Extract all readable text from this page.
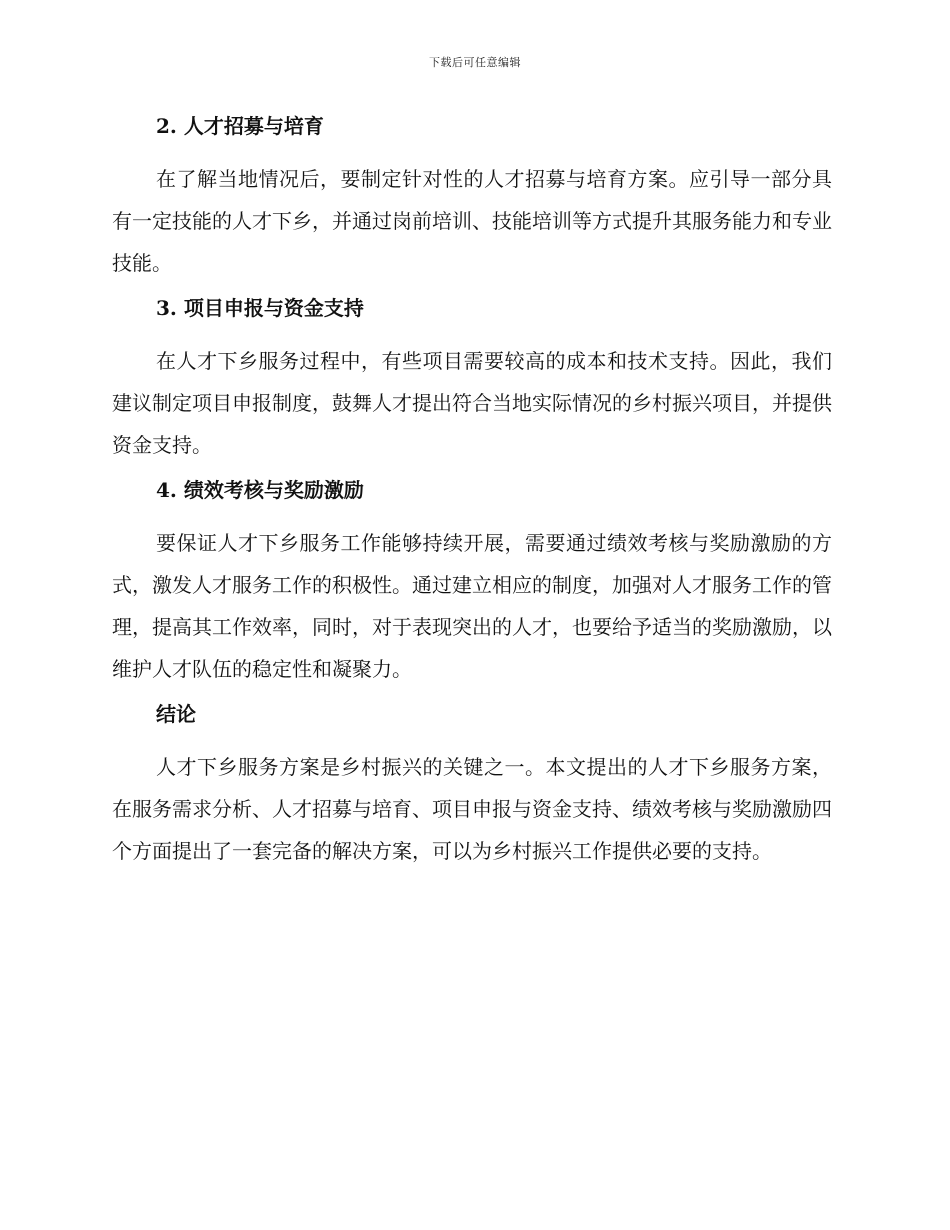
下载后可任意编辑
2. 人才招募与培育

在了解当地情况后，要制定针对性的人才招募与培育方案。应引导一部分具有一定技能的人才下乡，并通过岗前培训、技能培训等方式提升其服务能力和专业技能。

3. 项目申报与资金支持

在人才下乡服务过程中，有些项目需要较高的成本和技术支持。因此，我们建议制定项目申报制度，鼓舞人才提出符合当地实际情况的乡村振兴项目，并提供资金支持。

4. 绩效考核与奖励激励

要保证人才下乡服务工作能够持续开展，需要通过绩效考核与奖励激励的方式，激发人才服务工作的积极性。通过建立相应的制度，加强对人才服务工作的管理，提高其工作效率，同时，对于表现突出的人才，也要给予适当的奖励激励，以维护人才队伍的稳定性和凝聚力。

结论

人才下乡服务方案是乡村振兴的关键之一。本文提出的人才下乡服务方案，在服务需求分析、人才招募与培育、项目申报与资金支持、绩效考核与奖励激励四个方面提出了一套完备的解决方案，可以为乡村振兴工作提供必要的支持。
